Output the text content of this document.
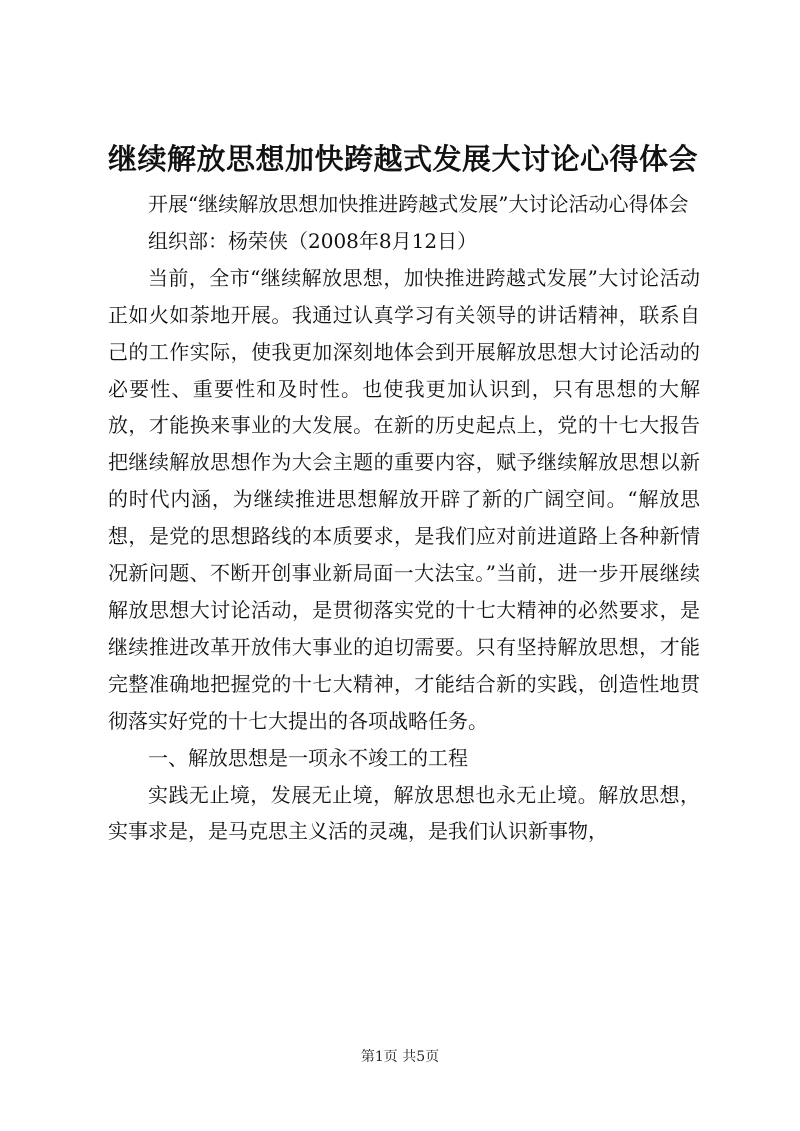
继续解放思想加快跨越式发展大讨论心得体会

开展“继续解放思想加快推进跨越式发展”大讨论活动心得体会

组织部：杨荣侠（2008年8月12日）

当前，全市“继续解放思想，加快推进跨越式发展”大讨论活动正如火如荼地开展。我通过认真学习有关领导的讲话精神，联系自己的工作实际，使我更加深刻地体会到开展解放思想大讨论活动的必要性、重要性和及时性。也使我更加认识到，只有思想的大解放，才能换来事业的大发展。在新的历史起点上，党的十七大报告把继续解放思想作为大会主题的重要内容，赋予继续解放思想以新的时代内涵，为继续推进思想解放开辟了新的广阔空间。“解放思想，是党的思想路线的本质要求，是我们应对前进道路上各种新情况新问题、不断开创事业新局面一大法宝。”当前，进一步开展继续解放思想大讨论活动，是贯彻落实党的十七大精神的必然要求，是继续推进改革开放伟大事业的迫切需要。只有坚持解放思想，才能完整准确地把握党的十七大精神，才能结合新的实践，创造性地贯彻落实好党的十七大提出的各项战略任务。

一、解放思想是一项永不竣工的工程

实践无止境，发展无止境，解放思想也永无止境。解放思想，实事求是，是马克思主义活的灵魂，是我们认识新事物，

第1页 共5页
